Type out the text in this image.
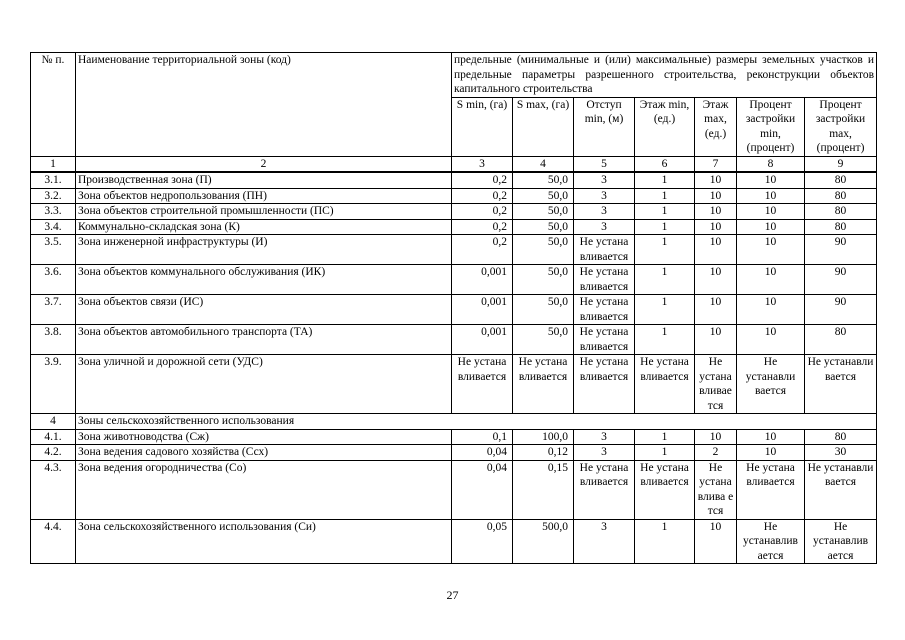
№ п.	Наименование территориальной зоны (код)	предельные (минимальные и (или) максимальные) размеры земельных участков и предельные параметры разрешенного строительства, реконструкции объектов капитального строительства						
		S min, (га)	S max, (га)	Отступ min, (м)	Этаж min, (ед.)	Этаж max, (ед.)	Процент застройки min, (процент)	Процент застройки max, (процент)
1	2	3	4	5	6	7	8	9
3.1.	Производственная зона (П)	0,2	50,0	3	1	10	10	80
3.2.	Зона объектов недропользования (ПН)	0,2	50,0	3	1	10	10	80
3.3.	Зона объектов строительной промышленности (ПС)	0,2	50,0	3	1	10	10	80
3.4.	Коммунально-складская зона (К)	0,2	50,0	3	1	10	10	80
3.5.	Зона инженерной инфраструктуры (И)	0,2	50,0	Не устана вливается	1	10	10	90
3.6.	Зона объектов коммунального обслуживания (ИК)	0,001	50,0	Не устана вливается	1	10	10	90
3.7.	Зона объектов связи (ИС)	0,001	50,0	Не устана вливается	1	10	10	90
3.8.	Зона объектов автомобильного транспорта (ТА)	0,001	50,0	Не устана вливается	1	10	10	80
3.9.	Зона уличной и дорожной сети (УДС)	Не устана вливается	Не устана вливается	Не устана вливается	Не устана вливается	Не устана вливае тся	Не устанавли вается	Не устанавли вается
4	Зоны сельскохозяйственного использования							
4.1.	Зона животноводства (Сж)	0,1	100,0	3	1	10	10	80
4.2.	Зона ведения садового хозяйства (Ссх)	0,04	0,12	3	1	2	10	30
4.3.	Зона ведения огородничества (Со)	0,04	0,15	Не устана вливается	Не устана вливается	Не устана влива е тся	Не устана вливается	Не устанавли вается
4.4.	Зона сельскохозяйственного использования (Си)	0,05	500,0	3	1	10	Не устанавлив ается	Не устанавлив ается
27
